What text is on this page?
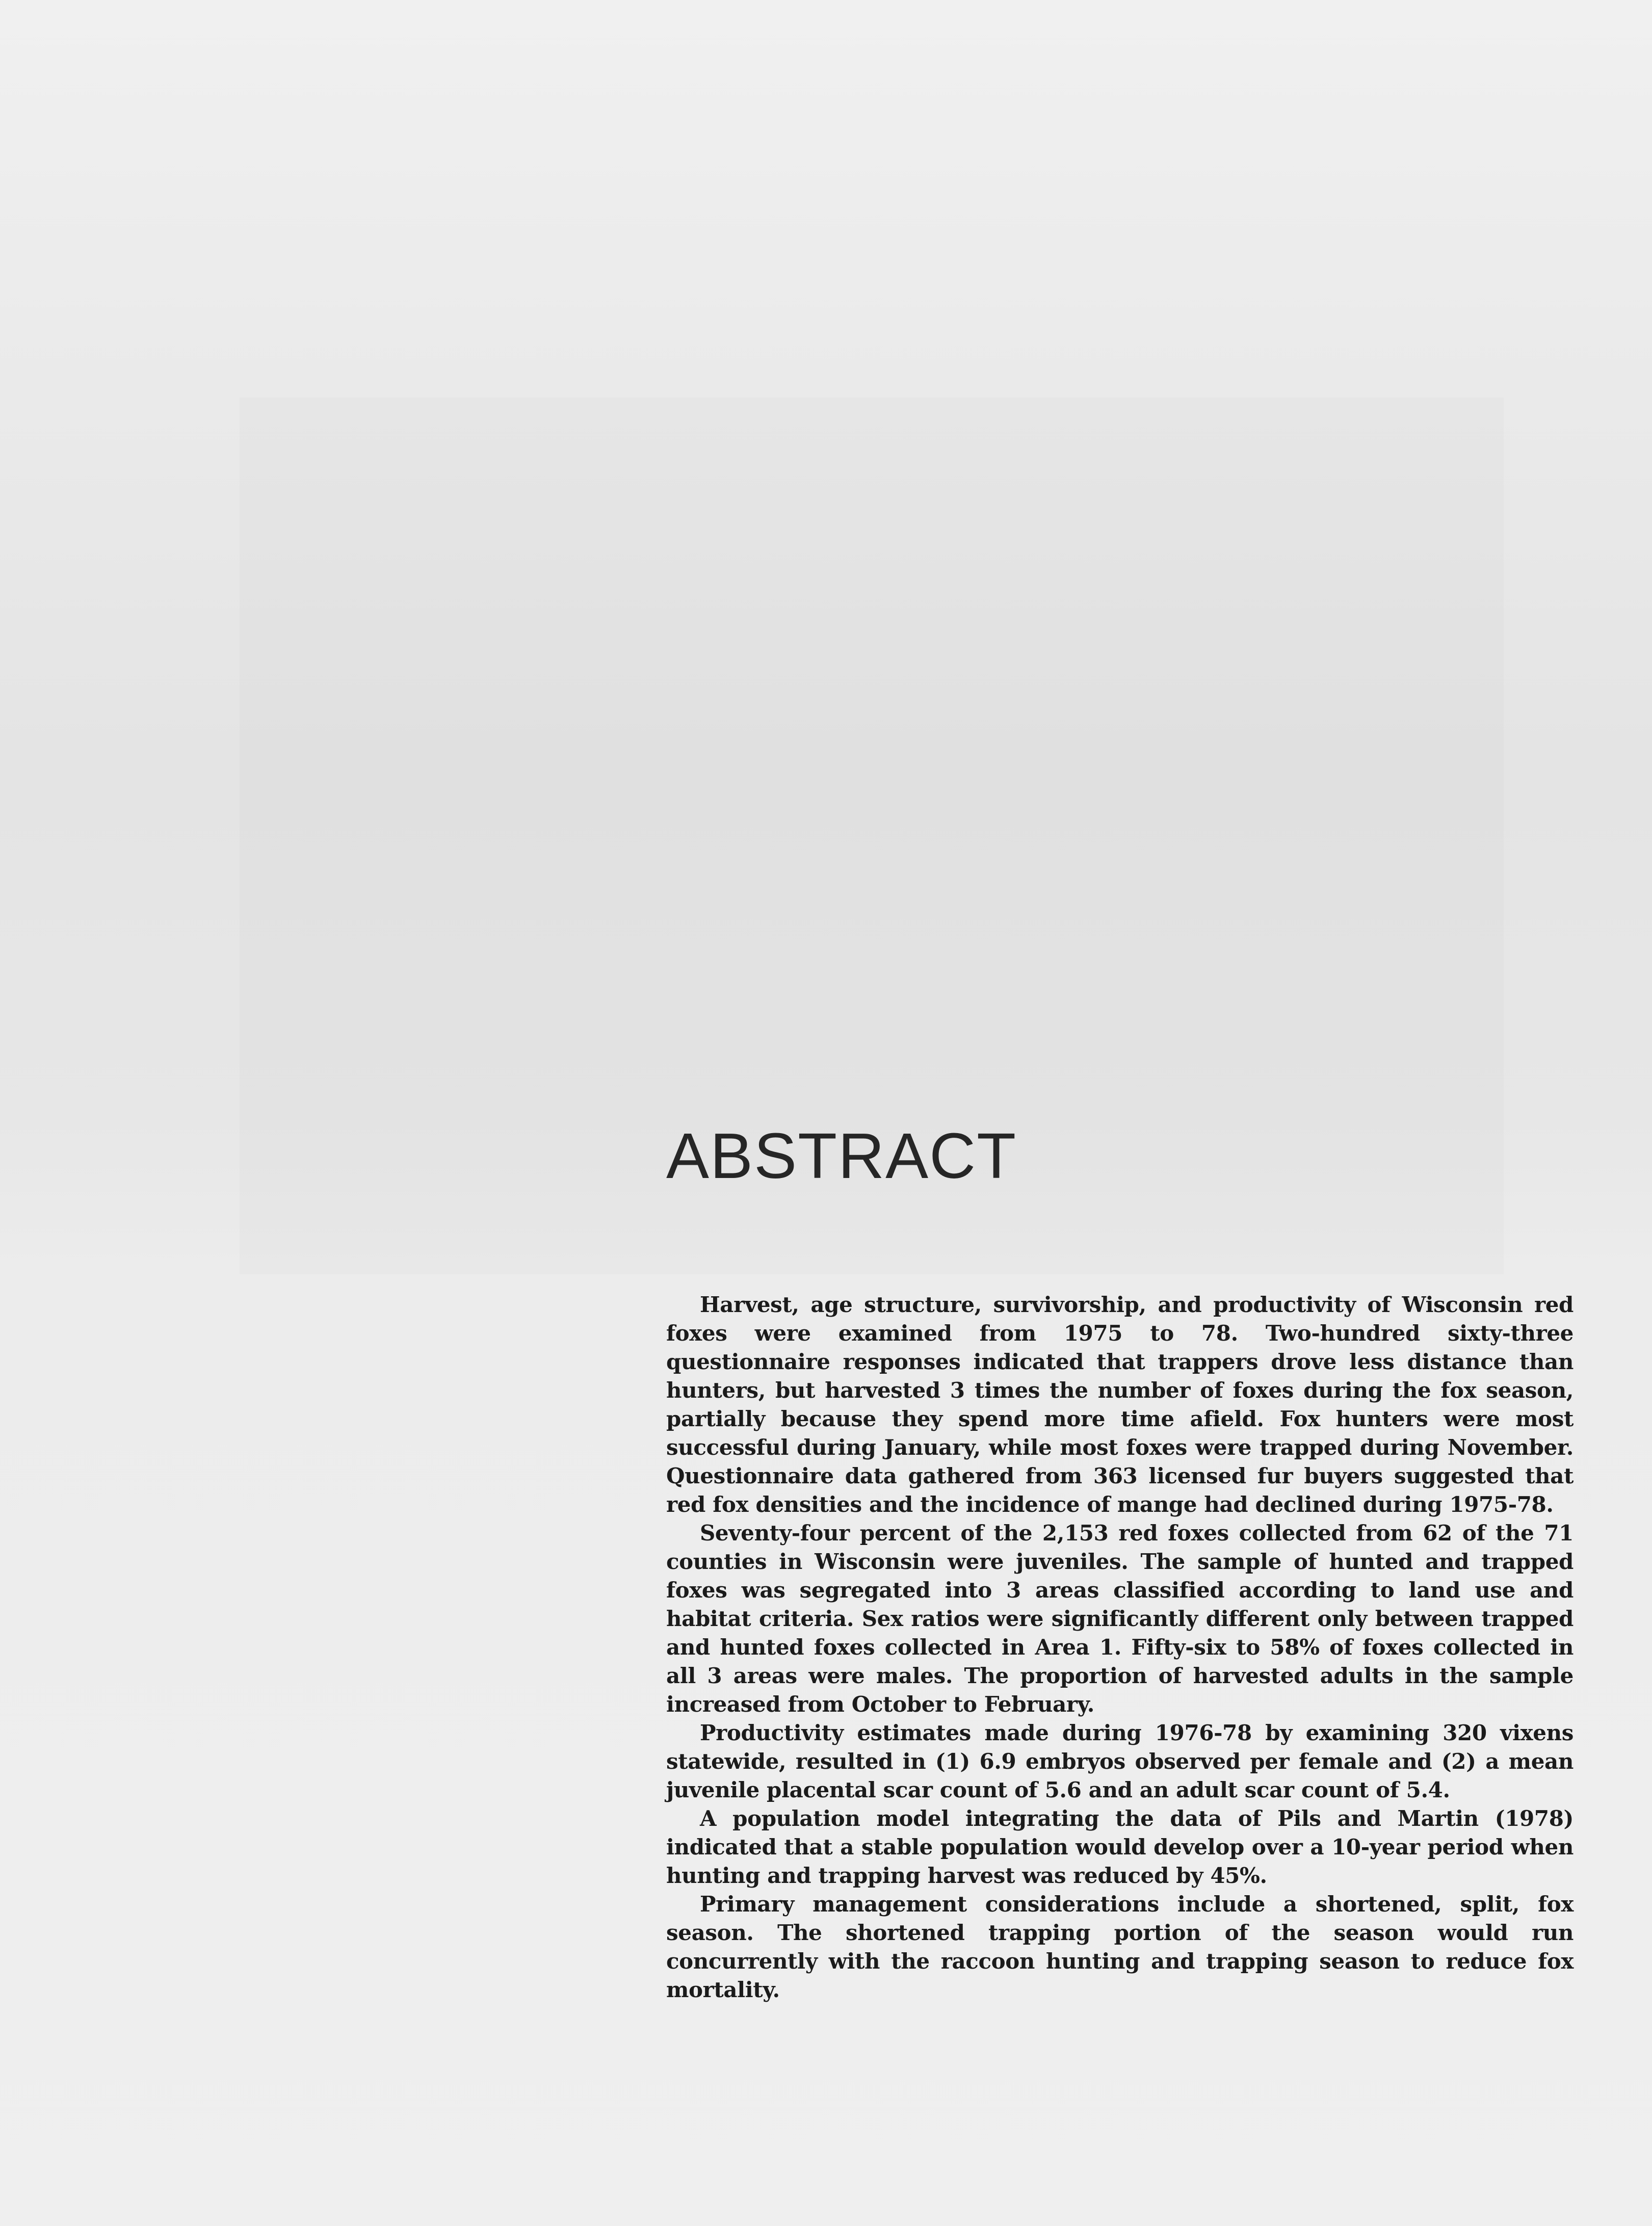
ABSTRACT

Harvest, age structure, survivorship, and productivity of Wisconsin red foxes were examined from 1975 to 78. Two-hundred sixty-three questionnaire responses indicated that trappers drove less distance than hunters, but harvested 3 times the number of foxes during the fox season, partially because they spend more time afield. Fox hunters were most successful during January, while most foxes were trapped during November. Questionnaire data gathered from 363 licensed fur buyers suggested that red fox densities and the incidence of mange had declined during 1975-78.

Seventy-four percent of the 2,153 red foxes collected from 62 of the 71 counties in Wisconsin were juveniles. The sample of hunted and trapped foxes was segregated into 3 areas classified according to land use and habitat criteria. Sex ratios were significantly different only between trapped and hunted foxes collected in Area 1. Fifty-six to 58% of foxes collected in all 3 areas were males. The proportion of harvested adults in the sample increased from October to February.

Productivity estimates made during 1976-78 by examining 320 vixens statewide, resulted in (1) 6.9 embryos observed per female and (2) a mean juvenile placental scar count of 5.6 and an adult scar count of 5.4.

A population model integrating the data of Pils and Martin (1978) indicated that a stable population would develop over a 10-year period when hunting and trapping harvest was reduced by 45%.

Primary management considerations include a shortened, split, fox season. The shortened trapping portion of the season would run concurrently with the raccoon hunting and trapping season to reduce fox mortality.
